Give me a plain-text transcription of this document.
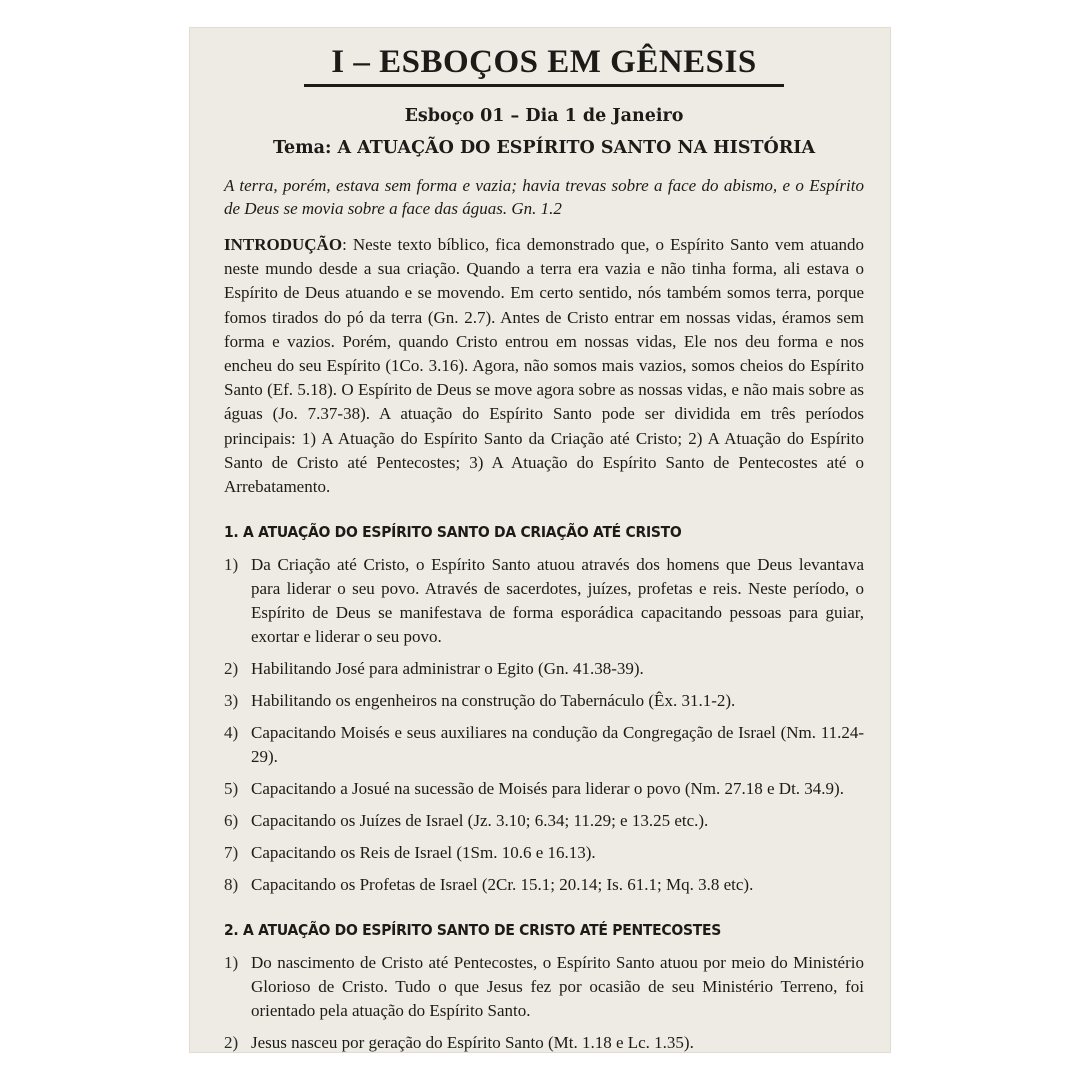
I – ESBOÇOS EM GÊNESIS
Esboço 01 – Dia 1 de Janeiro
Tema: A ATUAÇÃO DO ESPÍRITO SANTO NA HISTÓRIA
A terra, porém, estava sem forma e vazia; havia trevas sobre a face do abismo, e o Espírito de Deus se movia sobre a face das águas. Gn. 1.2
INTRODUÇÃO: Neste texto bíblico, fica demonstrado que, o Espírito Santo vem atuando neste mundo desde a sua criação. Quando a terra era vazia e não tinha forma, ali estava o Espírito de Deus atuando e se movendo. Em certo sentido, nós também somos terra, porque fomos tirados do pó da terra (Gn. 2.7). Antes de Cristo entrar em nossas vidas, éramos sem forma e vazios. Porém, quando Cristo entrou em nossas vidas, Ele nos deu forma e nos encheu do seu Espírito (1Co. 3.16). Agora, não somos mais vazios, somos cheios do Espírito Santo (Ef. 5.18). O Espírito de Deus se move agora sobre as nossas vidas, e não mais sobre as águas (Jo. 7.37-38). A atuação do Espírito Santo pode ser dividida em três períodos principais: 1) A Atuação do Espírito Santo da Criação até Cristo; 2) A Atuação do Espírito Santo de Cristo até Pentecostes; 3) A Atuação do Espírito Santo de Pentecostes até o Arrebatamento.
1. A ATUAÇÃO DO ESPÍRITO SANTO DA CRIAÇÃO ATÉ CRISTO
1) Da Criação até Cristo, o Espírito Santo atuou através dos homens que Deus levantava para liderar o seu povo. Através de sacerdotes, juízes, profetas e reis. Neste período, o Espírito de Deus se manifestava de forma esporádica capacitando pessoas para guiar, exortar e liderar o seu povo.
2) Habilitando José para administrar o Egito (Gn. 41.38-39).
3) Habilitando os engenheiros na construção do Tabernáculo (Êx. 31.1-2).
4) Capacitando Moisés e seus auxiliares na condução da Congregação de Israel (Nm. 11.24-29).
5) Capacitando a Josué na sucessão de Moisés para liderar o povo (Nm. 27.18 e Dt. 34.9).
6) Capacitando os Juízes de Israel (Jz. 3.10; 6.34; 11.29; e 13.25 etc.).
7) Capacitando os Reis de Israel (1Sm. 10.6 e 16.13).
8) Capacitando os Profetas de Israel (2Cr. 15.1; 20.14; Is. 61.1; Mq. 3.8 etc).
2. A ATUAÇÃO DO ESPÍRITO SANTO DE CRISTO ATÉ PENTECOSTES
1) Do nascimento de Cristo até Pentecostes, o Espírito Santo atuou por meio do Ministério Glorioso de Cristo. Tudo o que Jesus fez por ocasião de seu Ministério Terreno, foi orientado pela atuação do Espírito Santo.
2) Jesus nasceu por geração do Espírito Santo (Mt. 1.18 e Lc. 1.35).
